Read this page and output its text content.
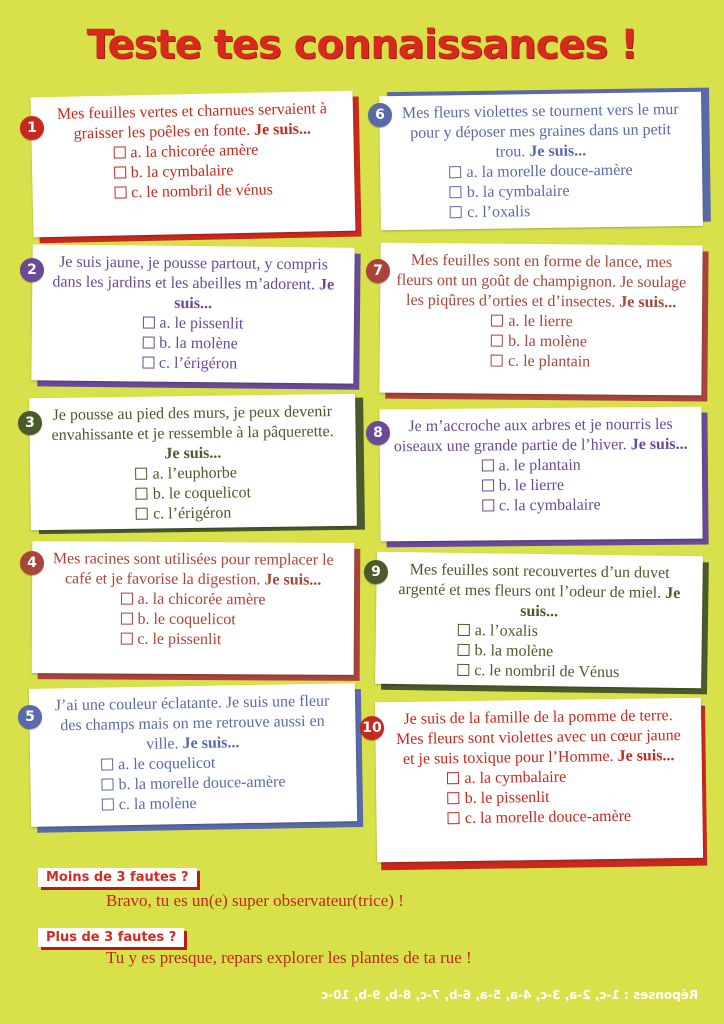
Teste tes connaissances !
Mes feuilles vertes et charnues servaient à graisser les poêles en fonte. Je suis...
a. la chicorée amère
b. la cymbalaire
c. le nombril de vénus
1
Je suis jaune, je pousse partout, y compris dans les jardins et les abeilles m’adorent. Je suis...
a. le pissenlit
b. la molène
c. l’érigéron
2
Je pousse au pied des murs, je peux devenir envahissante et je ressemble à la pâquerette. Je suis...
a. l’euphorbe
b. le coquelicot
c. l’érigéron
3
Mes racines sont utilisées pour remplacer le café et je favorise la digestion. Je suis...
a. la chicorée amère
b. le coquelicot
c. le pissenlit
4
J’ai une couleur éclatante. Je suis une fleur des champs mais on me retrouve aussi en ville. Je suis...
a. le coquelicot
b. la morelle douce-amère
c. la molène
5
Mes fleurs violettes se tournent vers le mur pour y déposer mes graines dans un petit trou. Je suis...
a. la morelle douce-amère
b. la cymbalaire
c. l’oxalis
6
Mes feuilles sont en forme de lance, mes fleurs ont un goût de champignon. Je soulage les piqûres d’orties et d’insectes. Je suis...
a. le lierre
b. la molène
c. le plantain
7
Je m’accroche aux arbres et je nourris les oiseaux une grande partie de l’hiver. Je suis...
a. le plantain
b. le lierre
c. la cymbalaire
8
Mes feuilles sont recouvertes d’un duvet argenté et mes fleurs ont l’odeur de miel. Je suis...
a. l’oxalis
b. la molène
c. le nombril de Vénus
9
Je suis de la famille de la pomme de terre. Mes fleurs sont violettes avec un cœur jaune et je suis toxique pour l’Homme. Je suis...
a. la cymbalaire
b. le pissenlit
c. la morelle douce-amère
10
Moins de 3 fautes ?
Bravo, tu es un(e) super observateur(trice) !
Plus de 3 fautes ?
Tu y es presque, repars explorer les plantes de ta rue !
Réponses : 1-c, 2-a, 3-c, 4-a, 5-a, 6-b, 7-c, 8-b, 9-b, 10-c
